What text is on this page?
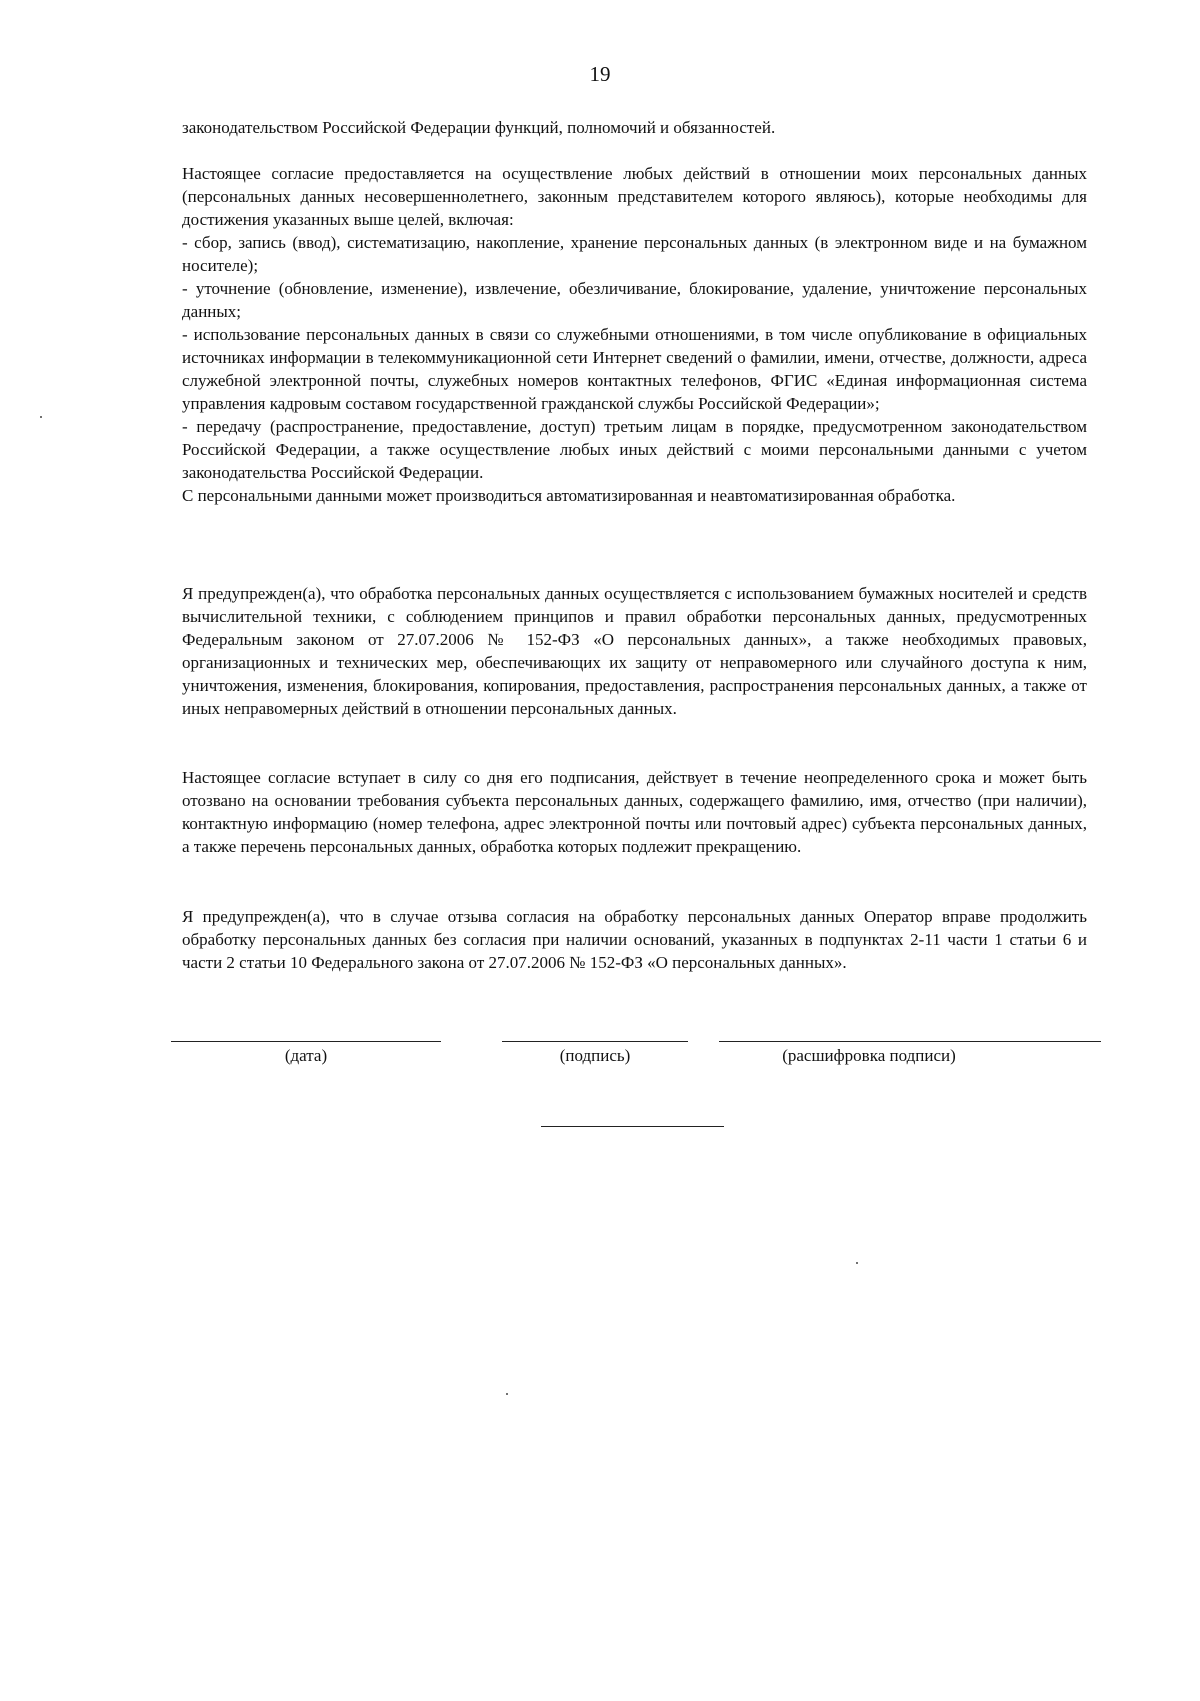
19

законодательством Российской Федерации функций, полномочий и обязанностей.

Настоящее согласие предоставляется на осуществление любых действий в отношении моих персональных данных (персональных данных несовершеннолетнего, законным представителем которого являюсь), которые необходимы для достижения указанных выше целей, включая:

- сбор, запись (ввод), систематизацию, накопление, хранение персональных данных (в электронном виде и на бумажном носителе);

- уточнение (обновление, изменение), извлечение, обезличивание, блокирование, удаление, уничтожение персональных данных;

- использование персональных данных в связи со служебными отношениями, в том числе опубликование в официальных источниках информации в телекоммуникационной сети Интернет сведений о фамилии, имени, отчестве, должности, адреса служебной электронной почты, служебных номеров контактных телефонов, ФГИС «Единая информационная система управления кадровым составом государственной гражданской службы Российской Федерации»;

- передачу (распространение, предоставление, доступ) третьим лицам в порядке, предусмотренном законодательством Российской Федерации, а также осуществление любых иных действий с моими персональными данными с учетом законодательства Российской Федерации.

С персональными данными может производиться автоматизированная и неавтоматизированная обработка.

Я предупрежден(а), что обработка персональных данных осуществляется с использованием бумажных носителей и средств вычислительной техники, с соблюдением принципов и правил обработки персональных данных, предусмотренных Федеральным законом от 27.07.2006 № 152-ФЗ «О персональных данных», а также необходимых правовых, организационных и технических мер, обеспечивающих их защиту от неправомерного или случайного доступа к ним, уничтожения, изменения, блокирования, копирования, предоставления, распространения персональных данных, а также от иных неправомерных действий в отношении персональных данных.

Настоящее согласие вступает в силу со дня его подписания, действует в течение неопределенного срока и может быть отозвано на основании требования субъекта персональных данных, содержащего фамилию, имя, отчество (при наличии), контактную информацию (номер телефона, адрес электронной почты или почтовый адрес) субъекта персональных данных, а также перечень персональных данных, обработка которых подлежит прекращению.

Я предупрежден(а), что в случае отзыва согласия на обработку персональных данных Оператор вправе продолжить обработку персональных данных без согласия при наличии оснований, указанных в подпунктах 2-11 части 1 статьи 6 и части 2 статьи 10 Федерального закона от 27.07.2006 № 152-ФЗ «О персональных данных».

(дата)	(подпись)	(расшифровка подписи)
